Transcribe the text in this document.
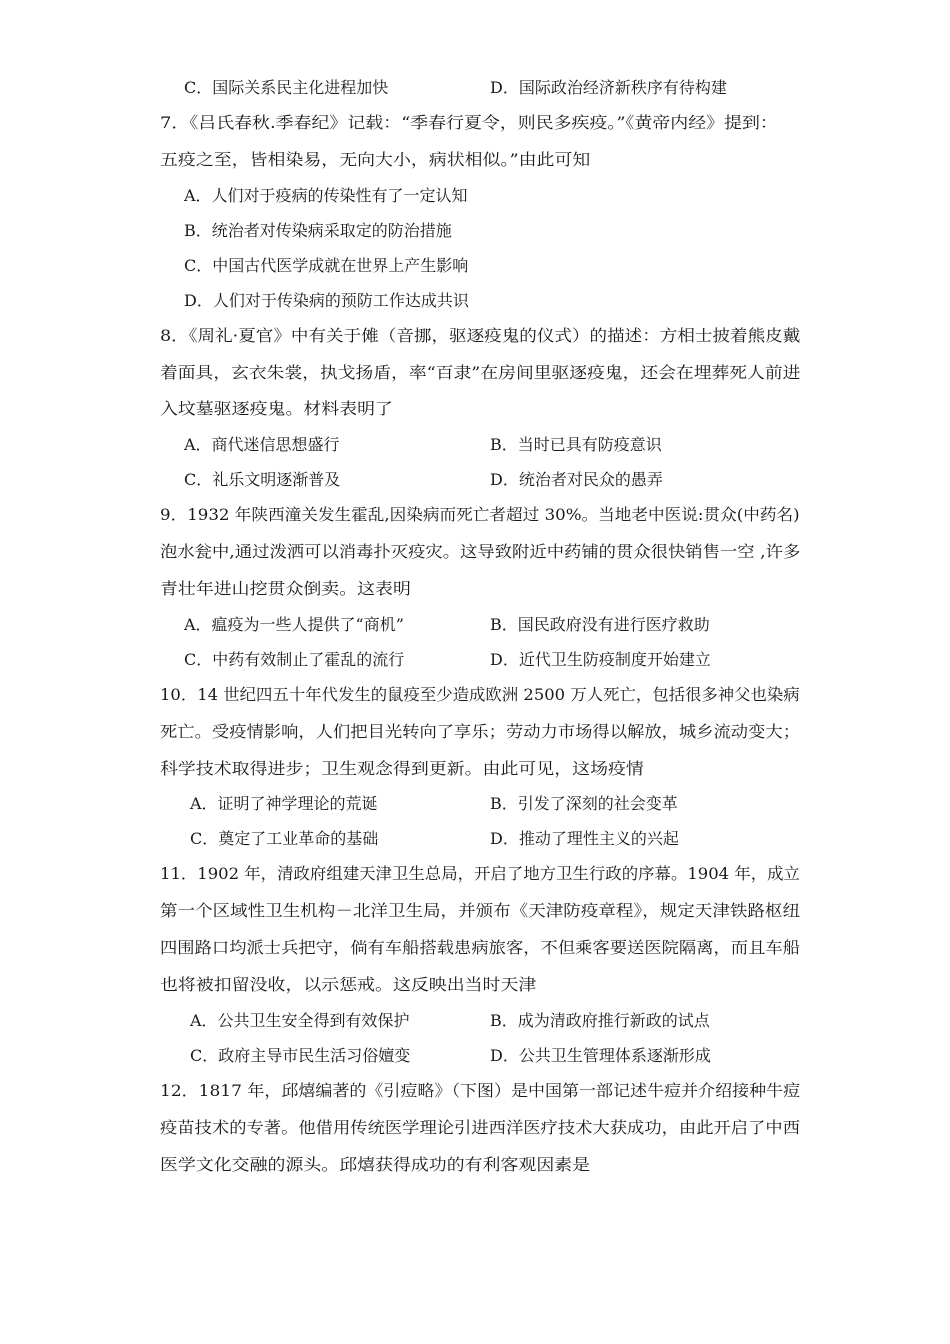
C．国际关系民主化进程加快	D．国际政治经济新秩序有待构建
7．《吕氏春秋.季春纪》记载：“季春行夏令，则民多疾疫。”《黄帝内经》提到：
五疫之至，皆相染易，无向大小，病状相似。”由此可知
A．人们对于疫病的传染性有了一定认知
B．统治者对传染病采取定的防治措施
C．中国古代医学成就在世界上产生影响
D．人们对于传染病的预防工作达成共识
8．《周礼·夏官》中有关于傩（音挪，驱逐疫鬼的仪式）的描述：方相士披着熊皮戴
着面具，玄衣朱裳，执戈扬盾，率“百隶”在房间里驱逐疫鬼，还会在埋葬死人前进
入坟墓驱逐疫鬼。材料表明了
A．商代迷信思想盛行	B．当时已具有防疫意识
C．礼乐文明逐渐普及	D．统治者对民众的愚弄
9．1932 年陕西潼关发生霍乱,因染病而死亡者超过 30%。当地老中医说:贯众(中药名)
泡水瓮中,通过泼洒可以消毒扑灭疫灾。这导致附近中药铺的贯众很快销售一空 ,许多
青壮年进山挖贯众倒卖。这表明
A．瘟疫为一些人提供了“商机”	B．国民政府没有进行医疗救助
C．中药有效制止了霍乱的流行	D．近代卫生防疫制度开始建立
10．14 世纪四五十年代发生的鼠疫至少造成欧洲 2500 万人死亡，包括很多神父也染病
死亡。受疫情影响，人们把目光转向了享乐；劳动力市场得以解放，城乡流动变大；
科学技术取得进步；卫生观念得到更新。由此可见，这场疫情
A．证明了神学理论的荒诞	B．引发了深刻的社会变革
C．奠定了工业革命的基础	D．推动了理性主义的兴起
11．1902 年，清政府组建天津卫生总局，开启了地方卫生行政的序幕。1904 年，成立
第一个区域性卫生机构－北洋卫生局，并颁布《天津防疫章程》，规定天津铁路枢纽
四围路口均派士兵把守，倘有车船搭载患病旅客，不但乘客要送医院隔离，而且车船
也将被扣留没收，以示惩戒。这反映出当时天津
A．公共卫生安全得到有效保护	B．成为清政府推行新政的试点
C．政府主导市民生活习俗嬗变	D．公共卫生管理体系逐渐形成
12．1817 年，邱熺编著的《引痘略》（下图）是中国第一部记述牛痘并介绍接种牛痘
疫苗技术的专著。他借用传统医学理论引进西洋医疗技术大获成功，由此开启了中西
医学文化交融的源头。邱熺获得成功的有利客观因素是
